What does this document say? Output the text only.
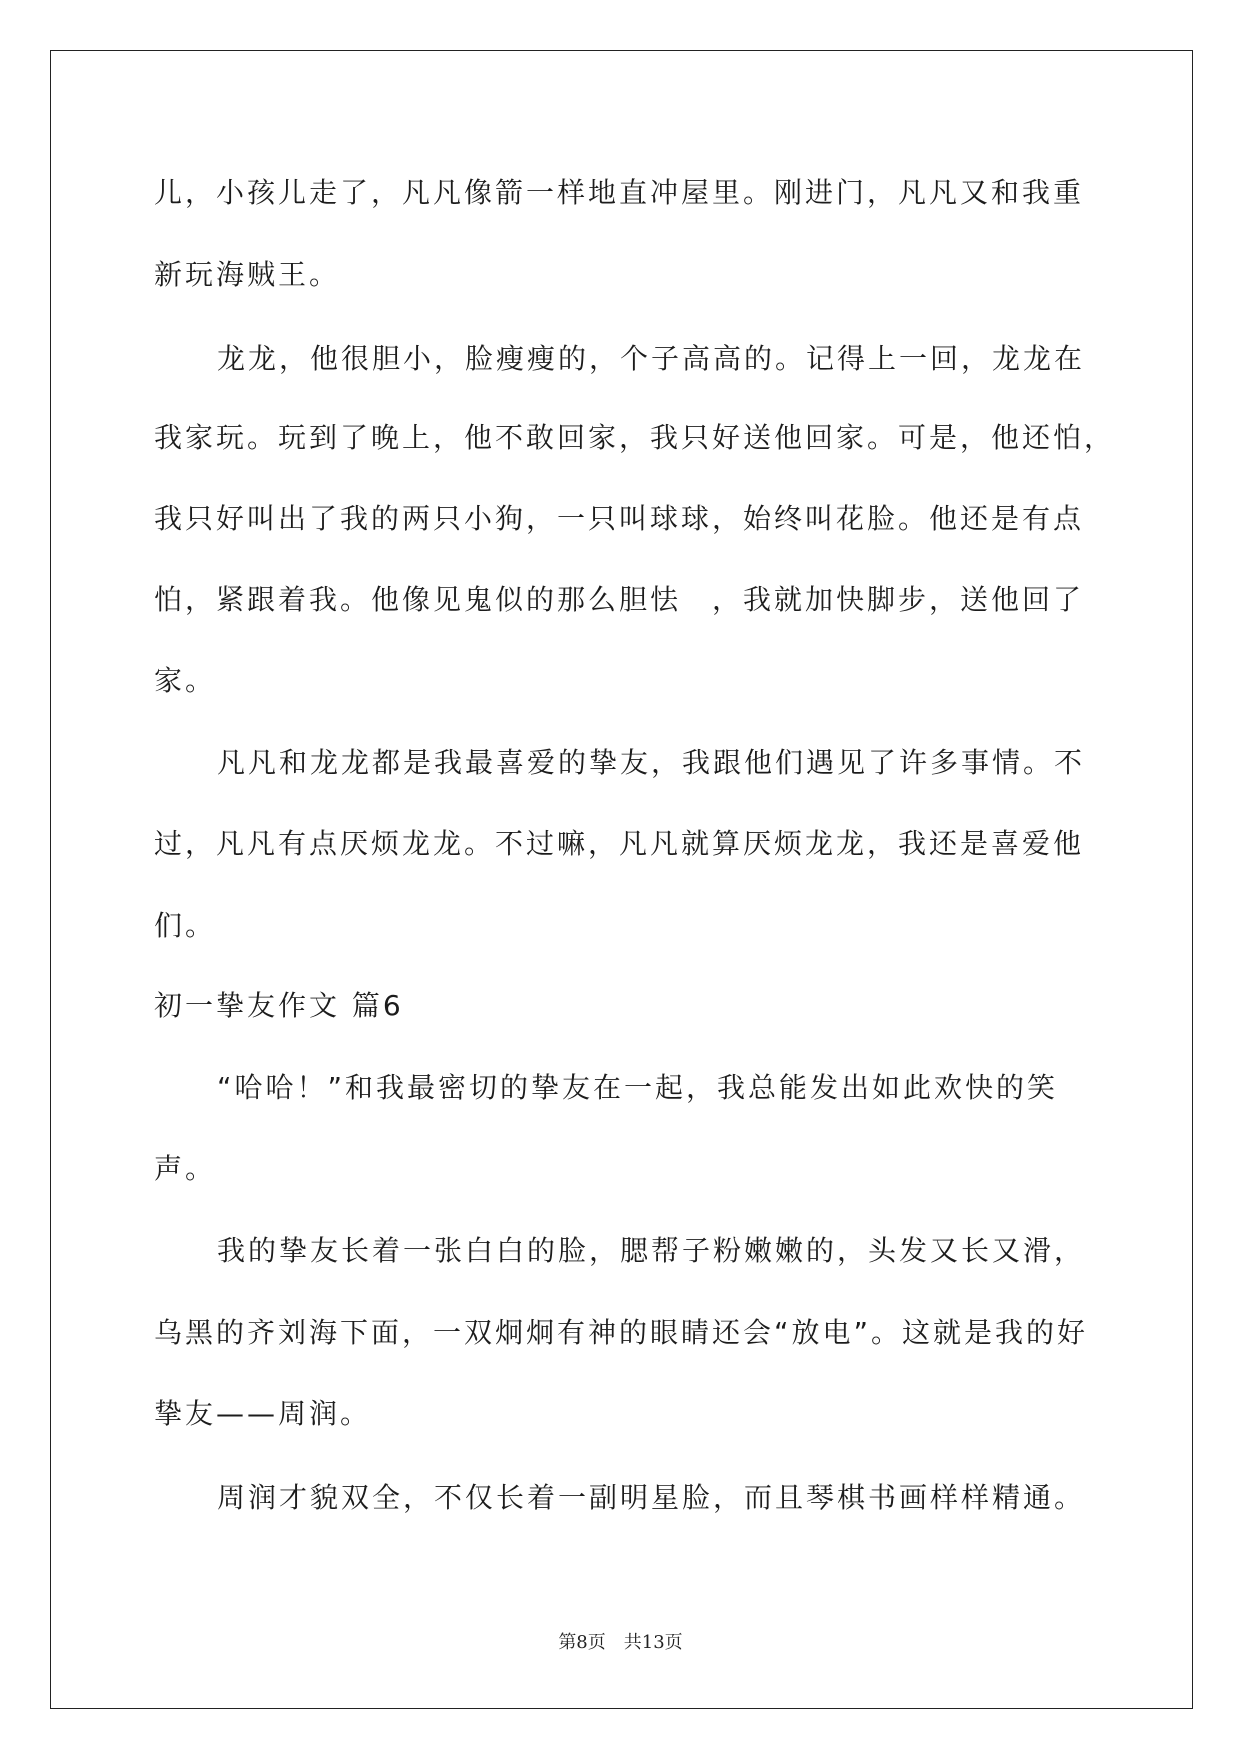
儿，小孩儿走了，凡凡像箭一样地直冲屋里。刚进门，凡凡又和我重
新玩海贼王。
龙龙，他很胆小，脸瘦瘦的，个子高高的。记得上一回，龙龙在
我家玩。玩到了晚上，他不敢回家，我只好送他回家。可是，他还怕，
我只好叫出了我的两只小狗，一只叫球球，始终叫花脸。他还是有点
怕，紧跟着我。他像见鬼似的那么胆怯　，我就加快脚步，送他回了
家。
凡凡和龙龙都是我最喜爱的挚友，我跟他们遇见了许多事情。不
过，凡凡有点厌烦龙龙。不过嘛，凡凡就算厌烦龙龙，我还是喜爱他
们。
初一挚友作文 篇6
“哈哈！”和我最密切的挚友在一起，我总能发出如此欢快的笑
声。
我的挚友长着一张白白的脸，腮帮子粉嫩嫩的，头发又长又滑，
乌黑的齐刘海下面，一双炯炯有神的眼睛还会“放电”。这就是我的好
挚友——周润。
周润才貌双全，不仅长着一副明星脸，而且琴棋书画样样精通。
第8页　共13页
